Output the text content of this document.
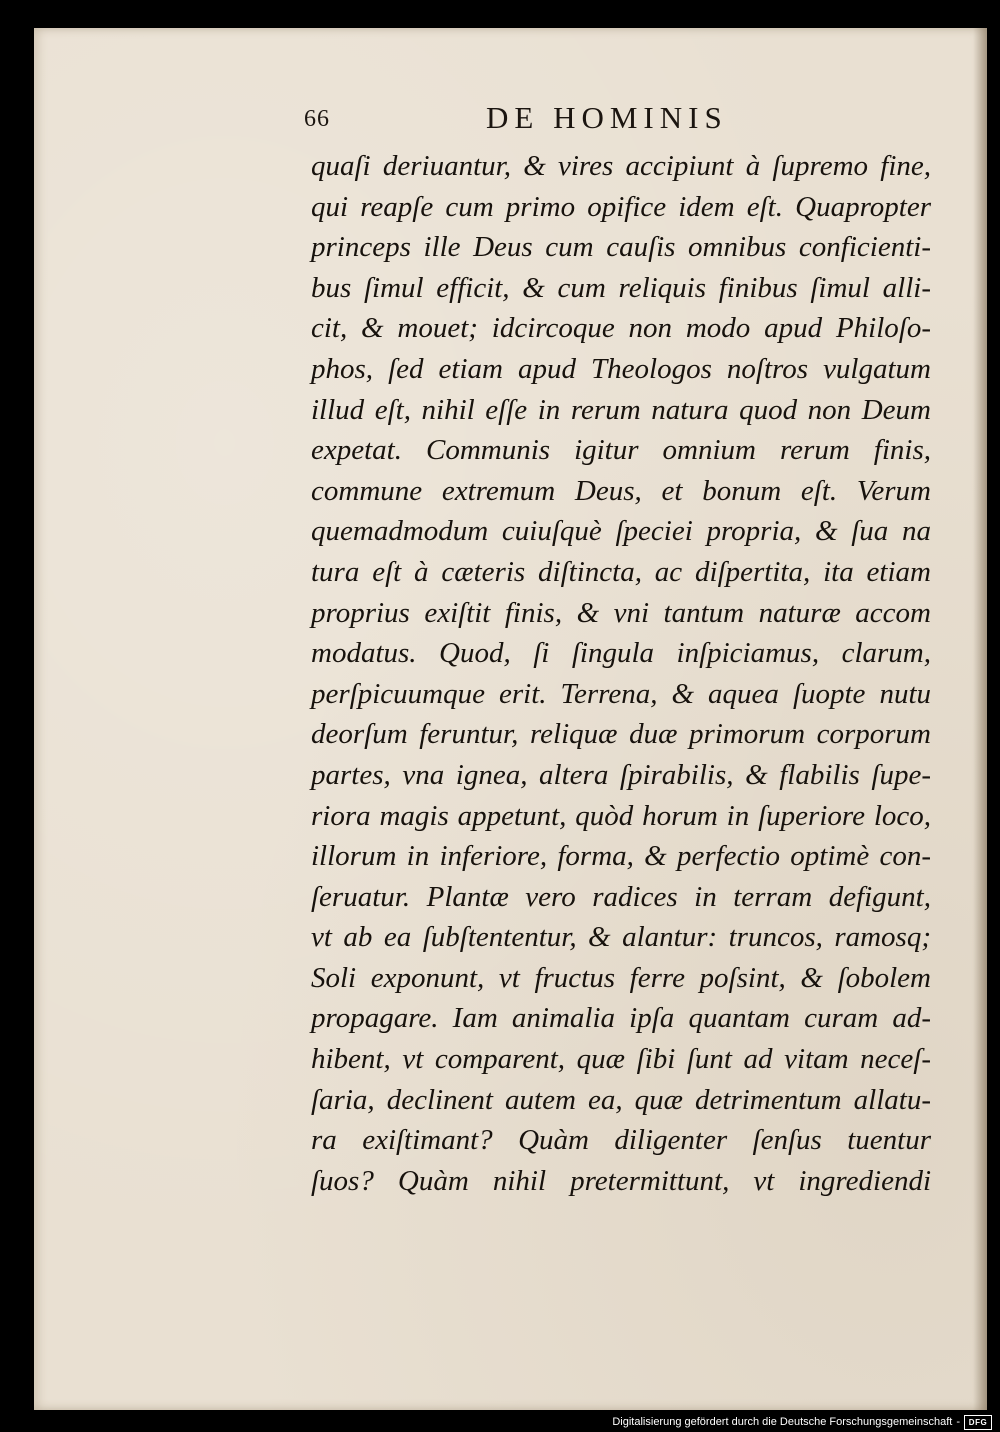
66	DE HOMINIS
quaſi deriuantur, & vires accipiunt à ſupremo fine,
qui reapſe cum primo opifice idem eſt. Quapropter
princeps ille Deus cum cauſis omnibus conficienti-
bus ſimul efficit, & cum reliquis finibus ſimul alli-
cit, & mouet; idcircoque non modo apud Philoſo-
phos, ſed etiam apud Theologos noſtros vulgatum
illud eſt, nihil eſſe in rerum natura quod non Deum
expetat. Communis igitur omnium rerum finis,
commune extremum Deus, et bonum eſt. Verum
quemadmodum cuiuſquè ſpeciei propria, & ſua na
tura eſt à cæteris diſtincta, ac diſpertita, ita etiam
proprius exiſtit finis, & vni tantum naturæ accom
modatus. Quod, ſi ſingula inſpiciamus, clarum,
perſpicuumque erit. Terrena, & aquea ſuopte nutu
deorſum feruntur, reliquæ duæ primorum corporum
partes, vna ignea, altera ſpirabilis, & flabilis ſupe-
riora magis appetunt, quòd horum in ſuperiore loco,
illorum in inferiore, forma, & perfectio optimè con-
ſeruatur. Plantæ vero radices in terram defigunt,
vt ab ea ſubſtententur, & alantur: truncos, ramosq;
Soli exponunt, vt fructus ferre poſsint, & ſobolem
propagare. Iam animalia ipſa quantam curam ad-
hibent, vt comparent, quæ ſibi ſunt ad vitam neceſ-
ſaria, declinent autem ea, quæ detrimentum allatu-
ra exiſtimant? Quàm diligenter ſenſus tuentur
ſuos? Quàm nihil pretermittunt, vt ingrediendi
Digitalisierung gefördert durch die Deutsche Forschungsgemeinschaft -	DFG
